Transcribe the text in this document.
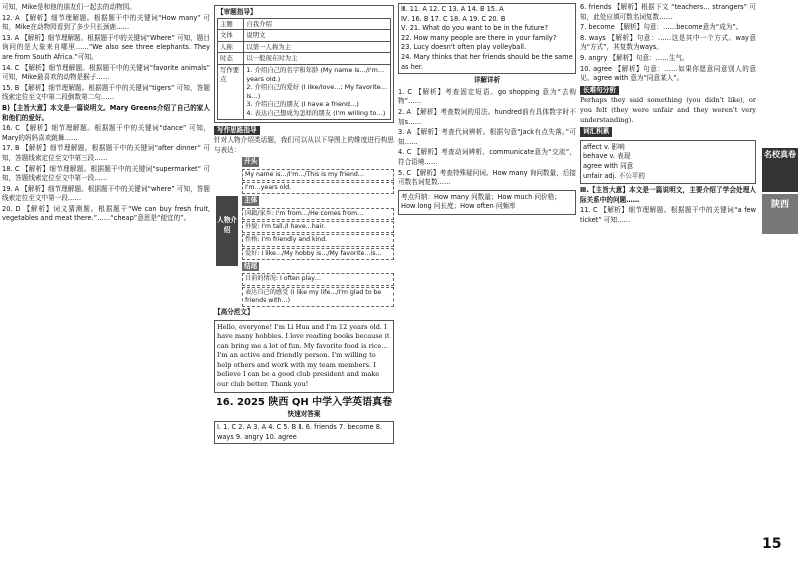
可知，Mike是和他的朋友们一起去的动物园。

12. A 【解析】细节理解题。根据题干中的关键词“How many” 可知，Mike在动物园看到了多少只长颈鹿……

13. A 【解析】细节理解题。根据题干中的关键词“Where” 可知，题目询问的是大象来自哪里……“We also see three elephants. They are from South Africa.”可知。

14. C 【解析】细节理解题。根据题干中的关键词“favorite animals” 可知，Mike最喜欢的动物是猴子……

15. B 【解析】细节理解题。根据题干中的关键词“tigers” 可知，答题线索定位至文中第二段倒数第二句……

B)【主旨大意】本文是一篇说明文。Mary Greens介绍了自己的家人和他们的爱好。

16. C 【解析】细节理解题。根据题干中的关键词“dance” 可知，Mary的妈妈喜欢跳舞……

17. B 【解析】细节理解题。根据题干中的关键词“after dinner” 可知，答题线索定位至文中第三段……

18. C 【解析】细节理解题。根据题干中的关键词“supermarket” 可知，答题线索定位至文中第一段……

19. A 【解析】细节理解题。根据题干中的关键词“where” 可知，答题线索定位至文中第一段……

20. D 【解析】词义猜测题。根据题干“We can buy fresh fruit, vegetables and meat there.”……“cheap”意思是“便宜的”。

【审题指导】
主题	自我介绍
文体	说明文
人称	以第一人称为主
时态	以一般现在时为主
写作要点	1. 介绍自己的名字和年龄 (My name is…/I'm…years old.)
2. 介绍自己的爱好 (I like/love…; My favorite… is…)
3. 介绍自己的朋友 (I have a friend…)
4. 表达自己想成为怎样的朋友 (I'm willing to…)
写作思路指导

针对人物介绍类话题，我们可以从以下导图上的维度进行构思与表达：

人物介绍
开头
My name is…/I'm…/This is my friend…
I'm…years old.
主体
国籍/家乡: I'm from…/He comes from…
外貌: I'm tall./I have…hair.
性格: I'm friendly and kind.
爱好: I like…/My hobby is…/My favorite…is…
结尾
目前的情况: I often play…
表达自己的感受 (I like my life…/I'm glad to be friends with…)
【高分范文】
Hello, everyone! I'm Li Hua and I'm 12 years old. I have many hobbies. I love reading books because it can bring me a lot of fun. My favorite food is rice… I'm an active and friendly person. I'm willing to help others and work with my team members. I believe I can be a good club president and make our club better. Thank you!
16. 2025 陕西 QH 中学入学英语真卷
快速对答案
Ⅰ. 1. C 2. A 3. A 4. C 5. B Ⅱ. 6. friends 7. become 8. ways 9. angry 10. agree
Ⅲ. 11. A 12. C 13. A 14. B 15. A
Ⅳ. 16. B 17. C 18. A 19. C 20. B
Ⅴ. 21. What do you want to be in the future?
22. How many people are there in your family?
23. Lucy doesn't often play volleyball.
24. Mary thinks that her friends should be the same as her.
详解详析

1. C 【解析】考查固定短语。go shopping 意为“去购物”……

2. A 【解析】考查数词的用法。hundred前有具体数字时不加s……

3. A 【解析】考查代词辨析。根据句意“Jack有点失落。”可知……

4. C 【解析】考查动词辨析。communicate意为“交流”，符合语境……

5. C 【解析】考查特殊疑问词。How many 询问数量，后接可数名词复数……

考点归纳：How many 问数量；How much 问价格；How long 问长度；How often 问频率

6. friends 【解析】根据下文 “teachers… strangers” 可知，此处应填可数名词复数……

7. become 【解析】句意：……become意为“成为”。

8. ways 【解析】句意：……这是其中一个方式。way意为“方式”，其复数为ways。

9. angry 【解析】句意：……生气。

10. agree 【解析】句意：……如果你愿意同意别人的意见。agree with 意为“同意某人”。

长难句分析

Perhaps they said something (you didn't like), or you felt (they were unfair and they weren't very understanding).

词汇积累
affect v. 影响
behave v. 表现
agree with 同意
unfair adj. 不公平的

Ⅲ.【主旨大意】本文是一篇说明文，主要介绍了学会处理人际关系中的问题……

11. C 【解析】细节理解题。根据题干中的关键词“a few ticket” 可知……

名校真卷
陕西
15
